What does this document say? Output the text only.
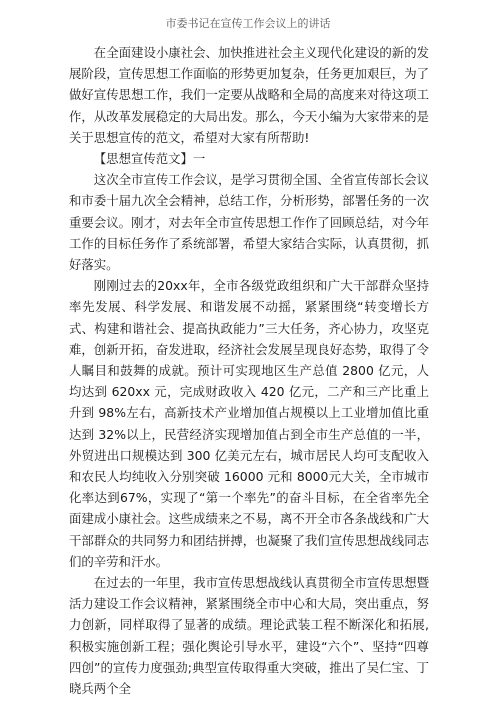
市委书记在宣传工作会议上的讲话

在全面建设小康社会、加快推进社会主义现代化建设的新的发展阶段，宣传思想工作面临的形势更加复杂，任务更加艰巨，为了做好宣传思想工作，我们一定要从战略和全局的高度来对待这项工作，从改革发展稳定的大局出发。那么，今天小编为大家带来的是关于思想宣传的范文，希望对大家有所帮助!

【思想宣传范文】一

这次全市宣传工作会议，是学习贯彻全国、全省宣传部长会议和市委十届九次全会精神，总结工作，分析形势，部署任务的一次重要会议。刚才，对去年全市宣传思想工作作了回顾总结，对今年工作的目标任务作了系统部署，希望大家结合实际，认真贯彻，抓好落实。

刚刚过去的20xx年，全市各级党政组织和广大干部群众坚持率先发展、科学发展、和谐发展不动摇，紧紧围绕“转变增长方式、构建和谐社会、提高执政能力”三大任务，齐心协力，攻坚克难，创新开拓，奋发进取，经济社会发展呈现良好态势，取得了令人瞩目和鼓舞的成就。预计可实现地区生产总值 2800 亿元，人均达到 620xx 元，完成财政收入 420 亿元，二产和三产比重上升到 98%左右，高新技术产业增加值占规模以上工业增加值比重达到 32%以上，民营经济实现增加值占到全市生产总值的一半，外贸进出口规模达到 300 亿美元左右，城市居民人均可支配收入和农民人均纯收入分别突破 16000 元和 8000元大关，全市城市化率达到67%，实现了“第一个率先”的奋斗目标，在全省率先全面建成小康社会。这些成绩来之不易，离不开全市各条战线和广大干部群众的共同努力和团结拼搏，也凝聚了我们宣传思想战线同志们的辛劳和汗水。

在过去的一年里，我市宣传思想战线认真贯彻全市宣传思想暨活力建设工作会议精神，紧紧围绕全市中心和大局，突出重点，努力创新，同样取得了显著的成绩。理论武装工程不断深化和拓展,积极实施创新工程；强化舆论引导水平，建设“六个”、坚持“四尊四创”的宣传力度强劲;典型宣传取得重大突破，推出了吴仁宝、丁晓兵两个全
